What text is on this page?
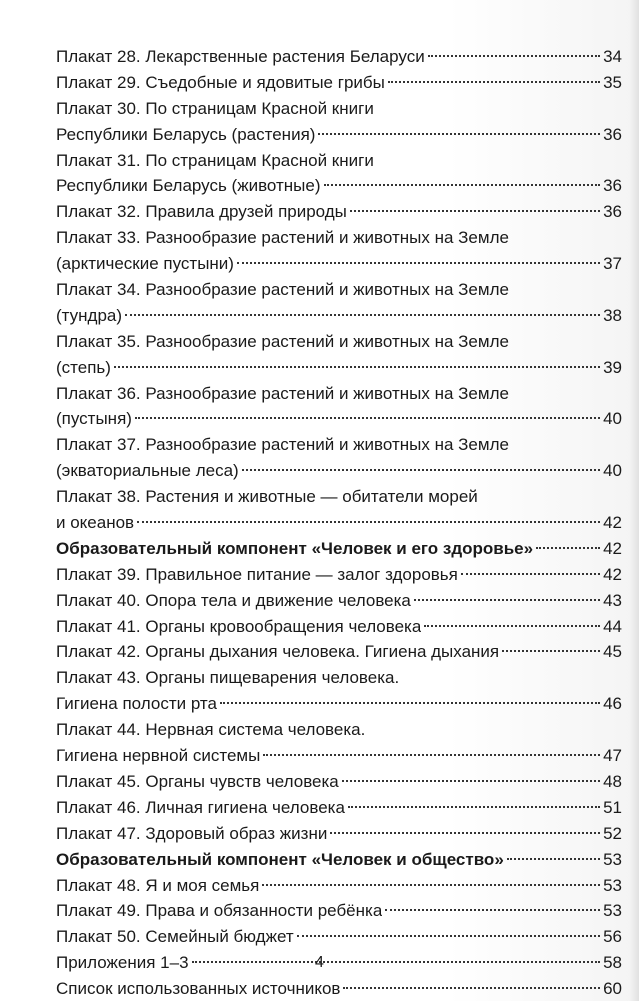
Плакат 28. Лекарственные растения Беларуси	34
Плакат 29. Съедобные и ядовитые грибы	35
Плакат 30. По страницам Красной книги
Республики Беларусь (растения)	36
Плакат 31. По страницам Красной книги
Республики Беларусь (животные)	36
Плакат 32. Правила друзей природы	36
Плакат 33. Разнообразие растений и животных на Земле
(арктические пустыни)	37
Плакат 34. Разнообразие растений и животных на Земле
(тундра)	38
Плакат 35. Разнообразие растений и животных на Земле
(степь)	39
Плакат 36. Разнообразие растений и животных на Земле
(пустыня)	40
Плакат 37. Разнообразие растений и животных на Земле
(экваториальные леса)	40
Плакат 38. Растения и животные — обитатели морей
и океанов	42
Образовательный компонент «Человек и его здоровье»	42
Плакат 39. Правильное питание — залог здоровья	42
Плакат 40. Опора тела и движение человека	43
Плакат 41. Органы кровообращения человека	44
Плакат 42. Органы дыхания человека. Гигиена дыхания	45
Плакат 43. Органы пищеварения человека.
Гигиена полости рта	46
Плакат 44. Нервная система человека.
Гигиена нервной системы	47
Плакат 45. Органы чувств человека	48
Плакат 46. Личная гигиена человека	51
Плакат 47. Здоровый образ жизни	52
Образовательный компонент «Человек и общество»	53
Плакат 48. Я и моя семья	53
Плакат 49. Права и обязанности ребёнка	53
Плакат 50. Семейный бюджет	56
Приложения 1–3	58
Список использованных источников	60
4
